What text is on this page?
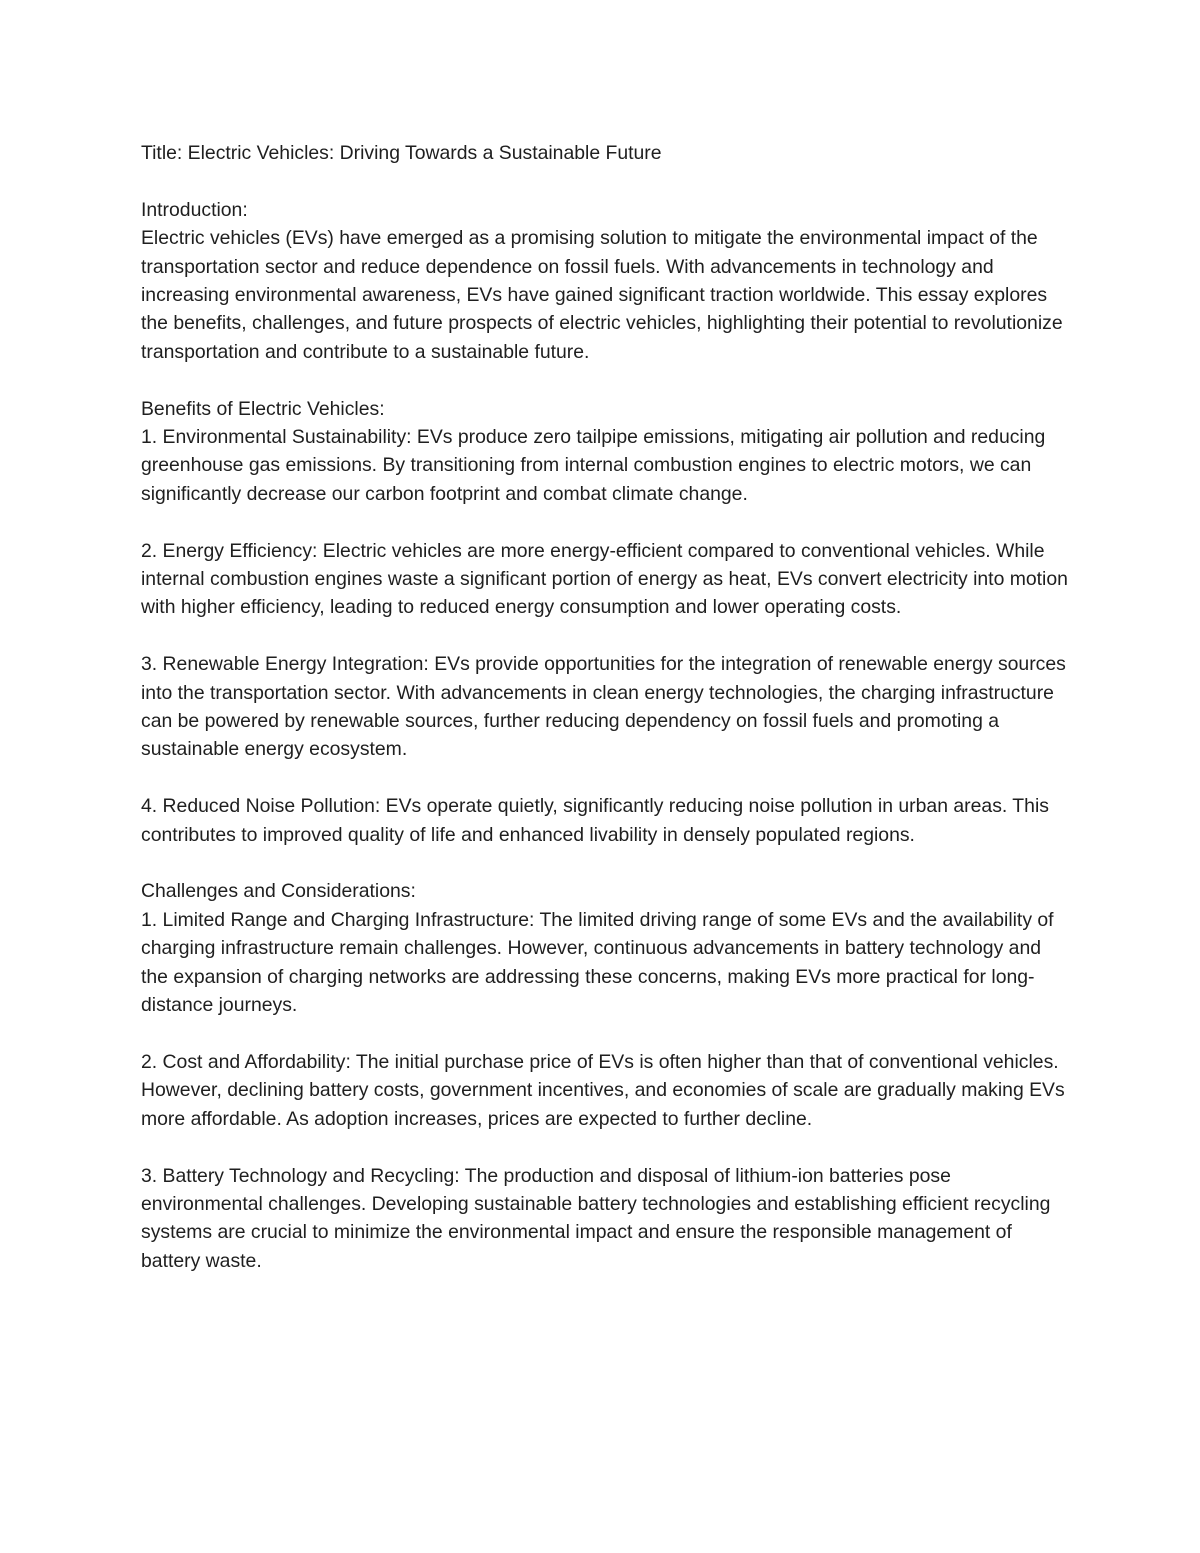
Title: Electric Vehicles: Driving Towards a Sustainable Future

Introduction:

Electric vehicles (EVs) have emerged as a promising solution to mitigate the environmental impact of the transportation sector and reduce dependence on fossil fuels. With advancements in technology and increasing environmental awareness, EVs have gained significant traction worldwide. This essay explores the benefits, challenges, and future prospects of electric vehicles, highlighting their potential to revolutionize transportation and contribute to a sustainable future.

Benefits of Electric Vehicles:

1. Environmental Sustainability: EVs produce zero tailpipe emissions, mitigating air pollution and reducing greenhouse gas emissions. By transitioning from internal combustion engines to electric motors, we can significantly decrease our carbon footprint and combat climate change.

2. Energy Efficiency: Electric vehicles are more energy-efficient compared to conventional vehicles. While internal combustion engines waste a significant portion of energy as heat, EVs convert electricity into motion with higher efficiency, leading to reduced energy consumption and lower operating costs.

3. Renewable Energy Integration: EVs provide opportunities for the integration of renewable energy sources into the transportation sector. With advancements in clean energy technologies, the charging infrastructure can be powered by renewable sources, further reducing dependency on fossil fuels and promoting a sustainable energy ecosystem.

4. Reduced Noise Pollution: EVs operate quietly, significantly reducing noise pollution in urban areas. This contributes to improved quality of life and enhanced livability in densely populated regions.

Challenges and Considerations:

1. Limited Range and Charging Infrastructure: The limited driving range of some EVs and the availability of charging infrastructure remain challenges. However, continuous advancements in battery technology and the expansion of charging networks are addressing these concerns, making EVs more practical for long-distance journeys.

2. Cost and Affordability: The initial purchase price of EVs is often higher than that of conventional vehicles. However, declining battery costs, government incentives, and economies of scale are gradually making EVs more affordable. As adoption increases, prices are expected to further decline.

3. Battery Technology and Recycling: The production and disposal of lithium-ion batteries pose environmental challenges. Developing sustainable battery technologies and establishing efficient recycling systems are crucial to minimize the environmental impact and ensure the responsible management of battery waste.
